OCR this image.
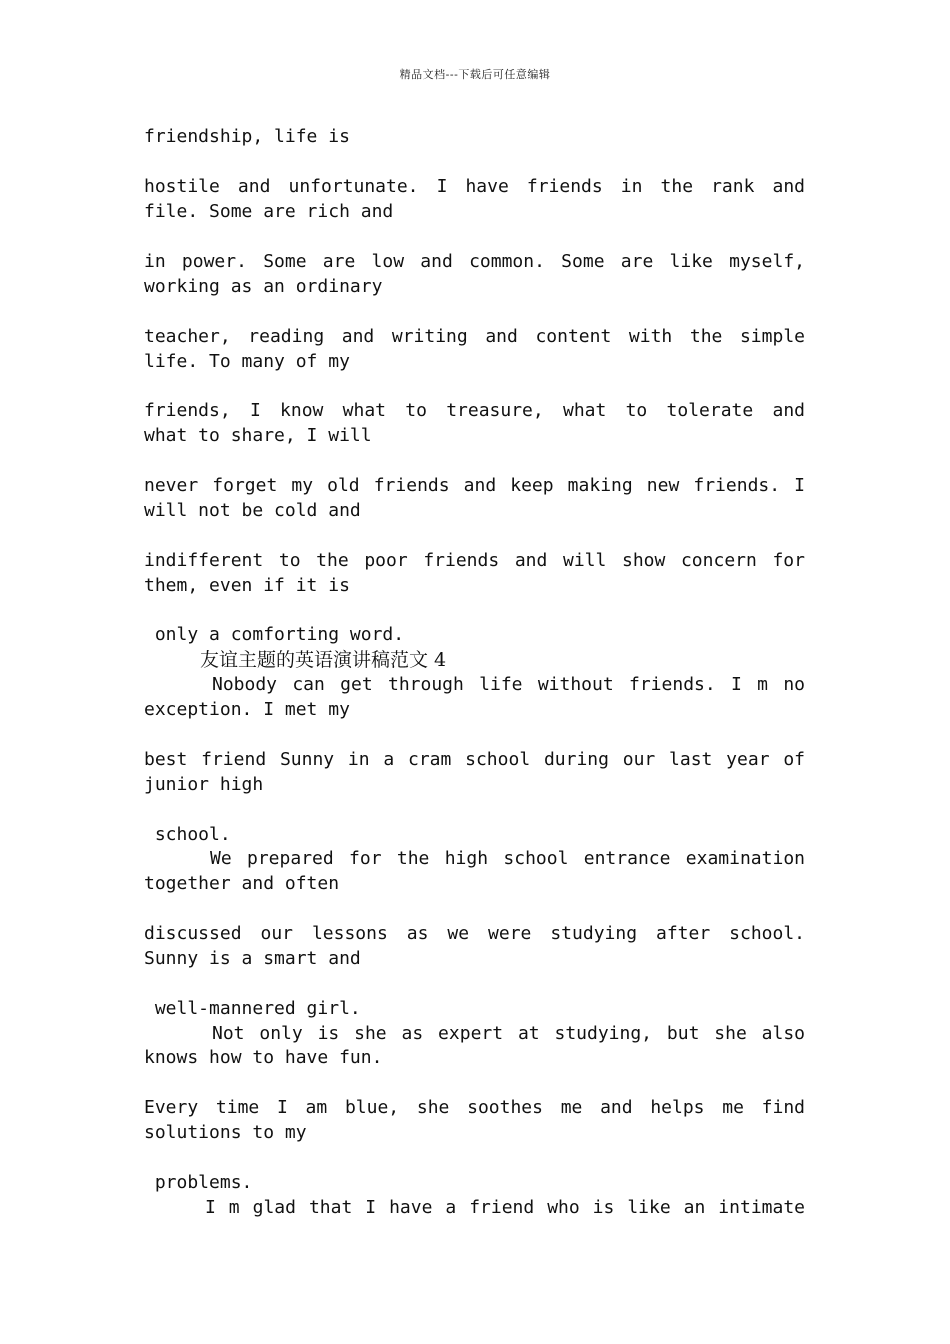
精品文档---下载后可任意编辑
友谊主题的英语演讲稿范文 4
friendship, life is
hostile and unfortunate. I have friends in the rank and
file. Some are rich and
in power. Some are low and common. Some are like myself,
working as an ordinary
teacher, reading and writing and content with the simple
life. To many of my
friends, I know what to treasure, what to tolerate and
what to share, I will
never forget my old friends and keep making new friends. I
will not be cold and
indifferent to the poor friends and will show concern for
them, even if it is
only a comforting word.
Nobody can get through life without friends. I m no
exception. I met my
best friend Sunny in a cram school during our last year of
junior high
school.
We prepared for the high school entrance examination
together and often
discussed our lessons as we were studying after school.
Sunny is a smart and
well-mannered girl.
Not only is she as expert at studying, but she also
knows how to have fun.
Every time I am blue, she soothes me and helps me find
solutions to my
problems.
I m glad that I have a friend who is like an intimate
